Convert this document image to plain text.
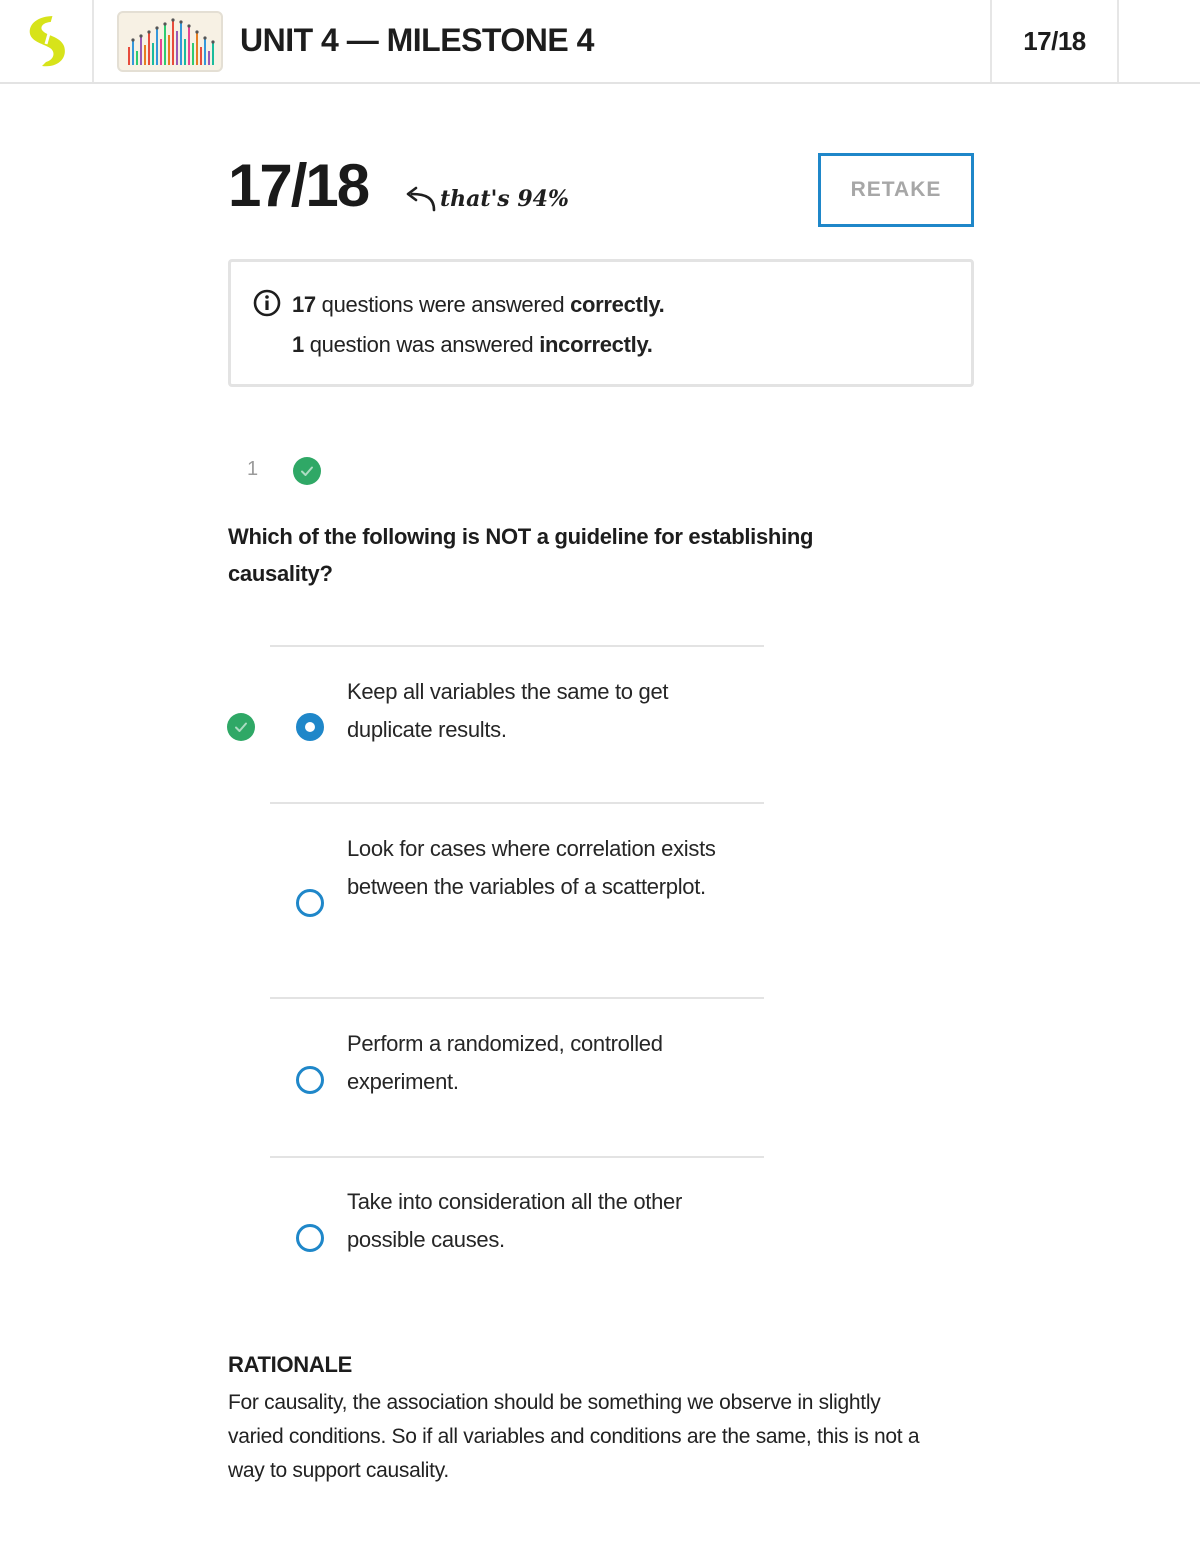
UNIT 4 — MILESTONE 4	17/18
17/18	that's 94%	RETAKE
17 questions were answered correctly.
1 question was answered incorrectly.
1
Which of the following is NOT a guideline for establishing causality?
Keep all variables the same to get duplicate results.
Look for cases where correlation exists between the variables of a scatterplot.
Perform a randomized, controlled experiment.
Take into consideration all the other possible causes.
RATIONALE
For causality, the association should be something we observe in slightly varied conditions. So if all variables and conditions are the same, this is not a way to support causality.
